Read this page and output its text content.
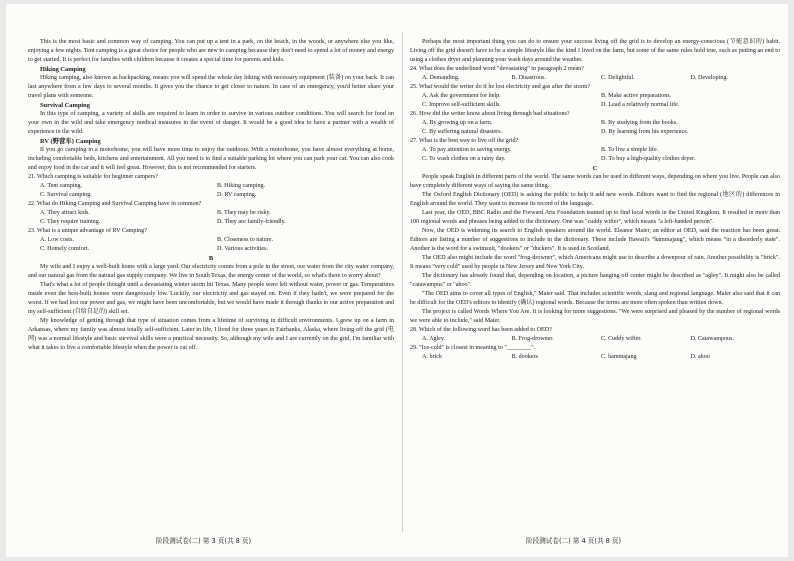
This is the most basic and common way of camping. You can put up a tent in a park, on the beach, in the woods, or anywhere else you like, enjoying a few nights. Tent camping is a great choice for people who are new to camping because they don't need to spend a lot of money and energy to get started. It is perfect for families with children because it creates a special time for parents and kids.

Hiking Camping

Hiking camping, also known as backpacking, means you will spend the whole day hiking with necessary equipment (装备) on your back. It can last anywhere from a few days to several months. It gives you the chance to get closer to nature. In case of an emergency, you'd better share your travel plans with someone.

Survival Camping

In this type of camping, a variety of skills are required to learn in order to survive in various outdoor conditions. You will search for food on your own in the wild and take emergency medical measures in the event of danger. It would be a good idea to have a partner with a wealth of experience in the wild.

RV (野营车) Camping

If you go camping in a motorhome, you will have more time to enjoy the outdoors. With a motorhome, you have almost everything at home, including comfortable beds, kitchens and entertainment. All you need is to find a suitable parking lot where you can park your car. You can also cook and enjoy food in the car and it will feel great. However, this is not recommended for starters.

21. Which camping is suitable for beginner campers?
A. Tent camping.	B. Hiking camping.
C. Survival camping.	D. RV camping.
22. What do Hiking Camping and Survival Camping have in common?
A. They attract kids.	B. They may be risky.
C. They require training.	D. They are family-friendly.
23. What is a unique advantage of RV Camping?
A. Low costs.	B. Closeness to nature.
C. Homely comfort.	D. Various activities.
B

My wife and I enjoy a well-built home with a large yard. Our electricity comes from a pole in the street, our water from the city water company, and our natural gas from the natural gas supply company. We live in South Texas, the energy center of the world, so what's there to worry about?

That's what a lot of people thought until a devastating winter storm hit Texas. Many people were left without water, power or gas. Temperatures inside even the best-built homes were dangerously low. Luckily, our electricity and gas stayed on. Even if they hadn't, we were prepared for the worst. If we had lost our power and gas, we might have been uncomfortable, but we would have made it through thanks to our active preparation and my self-sufficient (自给自足的) skill set.

My knowledge of getting through that type of situation comes from a lifetime of surviving in difficult environments. I grew up on a farm in Arkansas, where my family was almost totally self-sufficient. Later in life, I lived for three years in Fairbanks, Alaska, where living off the grid (电网) was a normal lifestyle and basic survival skills were a practical necessity. So, although my wife and I are currently on the grid, I'm familiar with what it takes to live a comfortable lifestyle when the power is cut off.

Perhaps the most important thing you can do to ensure your success living off the grid is to develop an energy-conscious (节能意识的) habit. Living off the grid doesn't have to be a simple lifestyle like the kind I lived on the farm, but some of the same rules hold true, such as putting an end to using a clothes dryer and planning your wash days around the weather.

24. What does the underlined word "devastating" in paragraph 2 mean?
A. Demanding.	B. Disastrous.	C. Delightful.	D. Developing.
25. What would the writer do if he lost electricity and gas after the storm?
A. Ask the government for help.	B. Make active preparations.
C. Improve self-sufficient skills.	D. Lead a relatively normal life.
26. How did the writer know about living through bad situations?
A. By growing up on a farm.	B. By studying from the books.
C. By suffering natural disasters.	D. By learning from his experience.
27. What is the best way to live off the grid?
A. To pay attention to saving energy.	B. To live a simple life.
C. To wash clothes on a rainy day.	D. To buy a high-quality clothes dryer.
C

People speak English in different parts of the world. The same words can be used in different ways, depending on where you live. People can also have completely different ways of saying the same thing.

The Oxford English Dictionary (OED) is asking the public to help it add new words. Editors want to find the regional (地区的) differences in English around the world. They want to increase its record of the language.

Last year, the OED, BBC Radio and the Forward Arts Foundation teamed up to find local words in the United Kingdom. It resulted in more than 100 regional words and phrases being added to the dictionary. One was "cuddy wifter", which means "a left-handed person".

Now, the OED is widening its search to English speakers around the world. Eleanor Maier, an editor at OED, said the reaction has been great. Editors are listing a number of suggestions to include in the dictionary. These include Hawaii's "hammajang", which means "in a disorderly state". Another is the word for a swimsuit, "dookers" or "duckers". It is used in Scotland.

The OED also might include the word "frog-drowner", which Americans might use to describe a downpour of rain. Another possibility is "brick". It means "very cold" used by people in New Jersey and New York City.

The dictionary has already found that, depending on location, a picture hanging off center might be described as "agley". It might also be called "catawampus" or "ahoo".

"The OED aims to cover all types of English," Maier said. That includes scientific words, slang and regional language. Maier also said that it can be difficult for the OED's editors to identify (确认) regional words. Because the terms are more often spoken than written down.

The project is called Words Where You Are. It is looking for more suggestions. "We were surprised and pleased by the number of regional words we were able to include," said Maier.

28. Which of the following word has been added to OED?
A. Agley.	B. Frog-drowner.	C. Cuddy wifter.	D. Catawampous.
29. "Ice-cold" is closest in meaning to "________".
A. brick	B. dookers	C. hammajang	D. ahoo
阶段测试卷(二) 第 3 页(共 8 页)	阶段测试卷(二) 第 4 页(共 8 页)
